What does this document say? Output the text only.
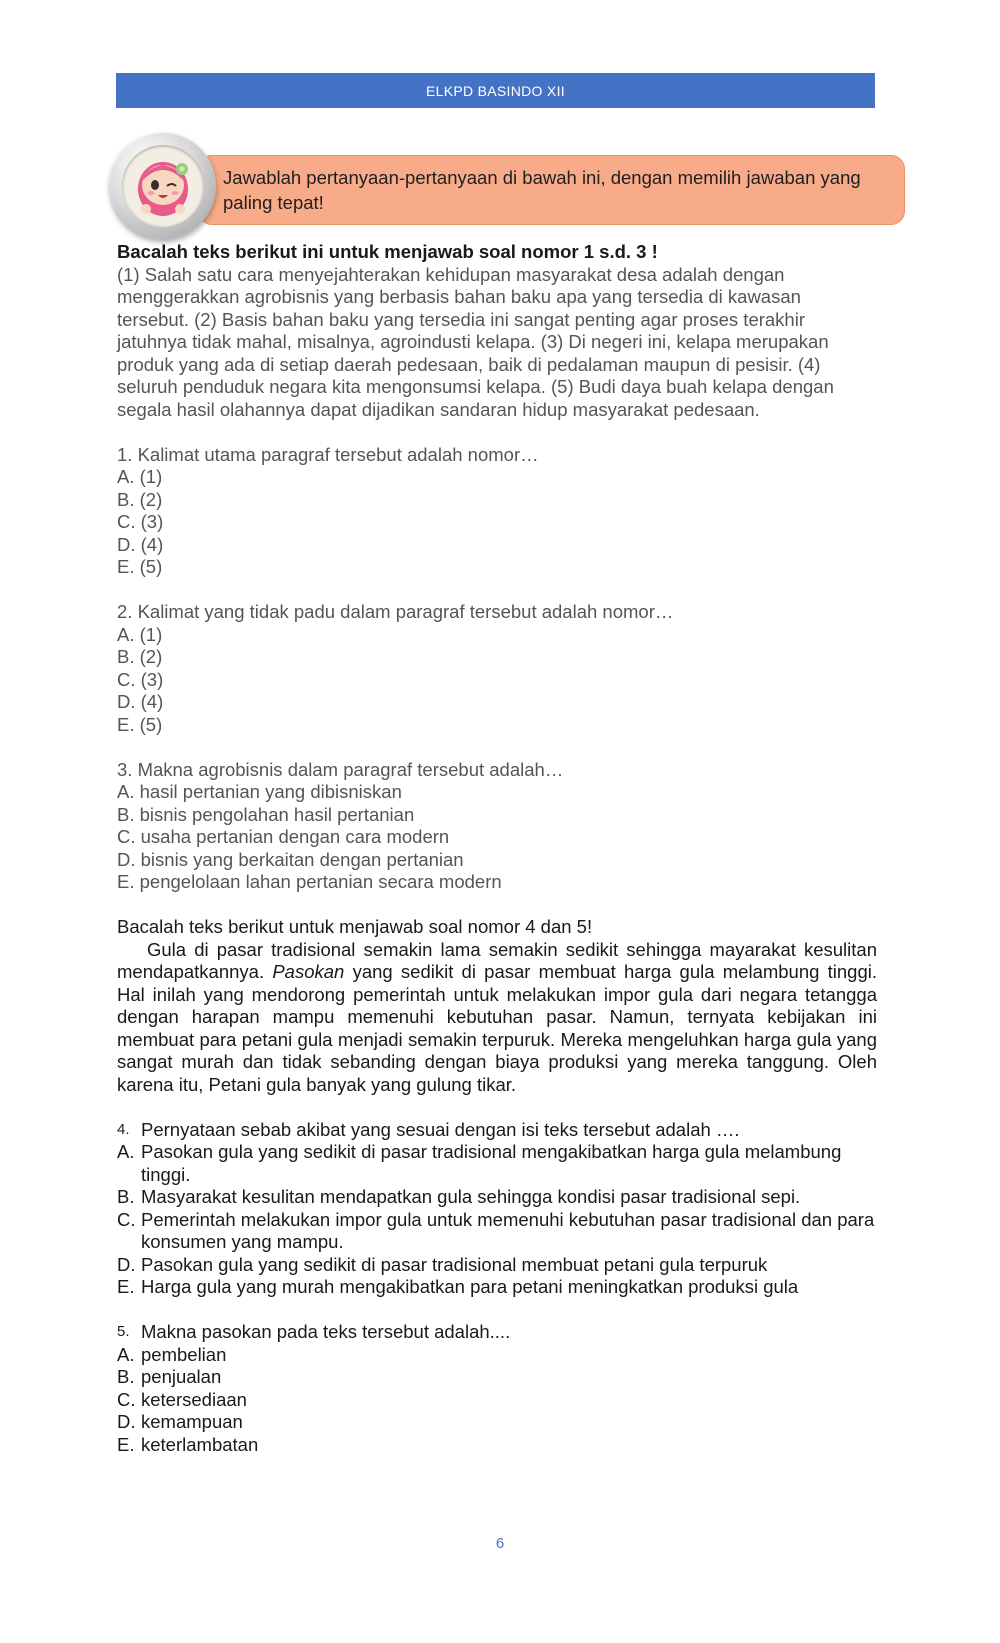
ELKPD BASINDO XII
Jawablah pertanyaan-pertanyaan di bawah ini, dengan memilih jawaban yang paling tepat!

Bacalah teks berikut ini untuk menjawab soal nomor 1 s.d. 3 !

(1) Salah satu cara menyejahterakan kehidupan masyarakat desa adalah dengan menggerakkan agrobisnis yang berbasis bahan baku apa yang tersedia di kawasan tersebut. (2) Basis bahan baku yang tersedia ini sangat penting agar proses terakhir jatuhnya tidak mahal, misalnya, agroindusti kelapa. (3) Di negeri ini, kelapa merupakan produk yang ada di setiap daerah pedesaan, baik di pedalaman maupun di pesisir. (4) seluruh penduduk negara kita mengonsumsi kelapa. (5) Budi daya buah kelapa dengan segala hasil olahannya dapat dijadikan sandaran hidup masyarakat pedesaan.

1. Kalimat utama paragraf tersebut adalah nomor…

A. (1)

B. (2)

C. (3)

D. (4)

E. (5)

2. Kalimat yang tidak padu dalam paragraf tersebut adalah nomor…

A. (1)

B. (2)

C. (3)

D. (4)

E. (5)

3. Makna agrobisnis dalam paragraf tersebut adalah…

A. hasil pertanian yang dibisniskan

B. bisnis pengolahan hasil pertanian

C. usaha pertanian dengan cara modern

D. bisnis yang berkaitan dengan pertanian

E. pengelolaan lahan pertanian secara modern

Bacalah teks berikut untuk menjawab soal nomor 4 dan 5!

Gula di pasar tradisional semakin lama semakin sedikit sehingga mayarakat kesulitan mendapatkannya. Pasokan yang sedikit di pasar membuat harga gula melambung tinggi. Hal inilah yang mendorong pemerintah untuk melakukan impor gula dari negara tetangga dengan harapan mampu memenuhi kebutuhan pasar. Namun, ternyata kebijakan ini membuat para petani gula menjadi semakin terpuruk. Mereka mengeluhkan harga gula yang sangat murah dan tidak sebanding dengan biaya produksi yang mereka tanggung. Oleh karena itu, Petani gula banyak yang gulung tikar.

4. Pernyataan sebab akibat yang sesuai dengan isi teks tersebut adalah ….
A. Pasokan gula yang sedikit di pasar tradisional mengakibatkan harga gula melambung tinggi.
B. Masyarakat kesulitan mendapatkan gula sehingga kondisi pasar tradisional sepi.
C. Pemerintah melakukan impor gula untuk memenuhi kebutuhan pasar tradisional dan para konsumen yang mampu.
D. Pasokan gula yang sedikit di pasar tradisional membuat petani gula terpuruk
E. Harga gula yang murah mengakibatkan para petani meningkatkan produksi gula
5. Makna pasokan pada teks tersebut adalah....
A. pembelian
B. penjualan
C. ketersediaan
D. kemampuan
E. keterlambatan
6
